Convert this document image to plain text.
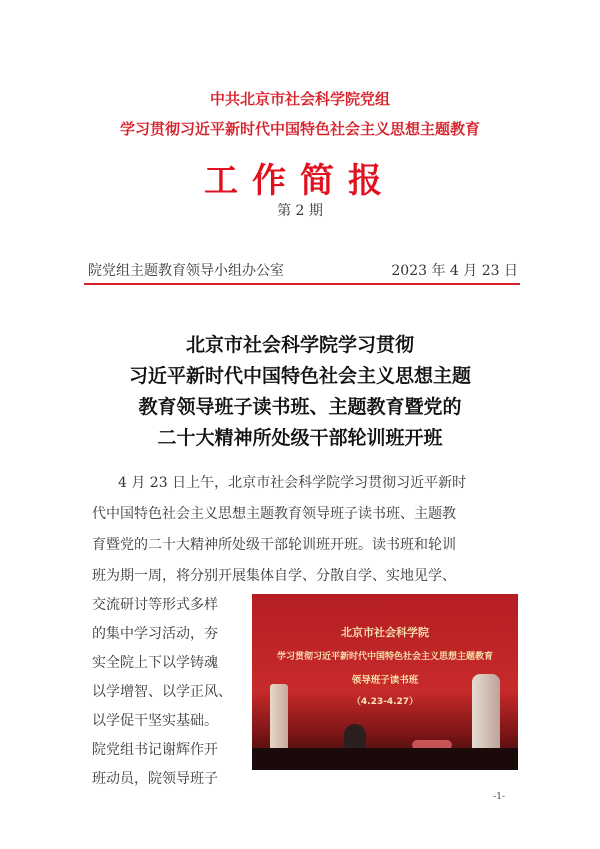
中共北京市社会科学院党组
学习贯彻习近平新时代中国特色社会主义思想主题教育
工作简报
第 2 期
院党组主题教育领导小组办公室	2023 年 4 月 23 日
北京市社会科学院学习贯彻
习近平新时代中国特色社会主义思想主题
教育领导班子读书班、主题教育暨党的
二十大精神所处级干部轮训班开班
4 月 23 日上午，北京市社会科学院学习贯彻习近平新时
代中国特色社会主义思想主题教育领导班子读书班、主题教
育暨党的二十大精神所处级干部轮训班开班。读书班和轮训
班为期一周，将分别开展集体自学、分散自学、实地见学、
交流研讨等形式多样
的集中学习活动，夯
实全院上下以学铸魂
以学增智、以学正风、
以学促干坚实基础。
院党组书记谢辉作开
班动员，院领导班子
北京市社会科学院
学习贯彻习近平新时代中国特色社会主义思想主题教育
领导班子读书班
（4.23-4.27）
-1-
